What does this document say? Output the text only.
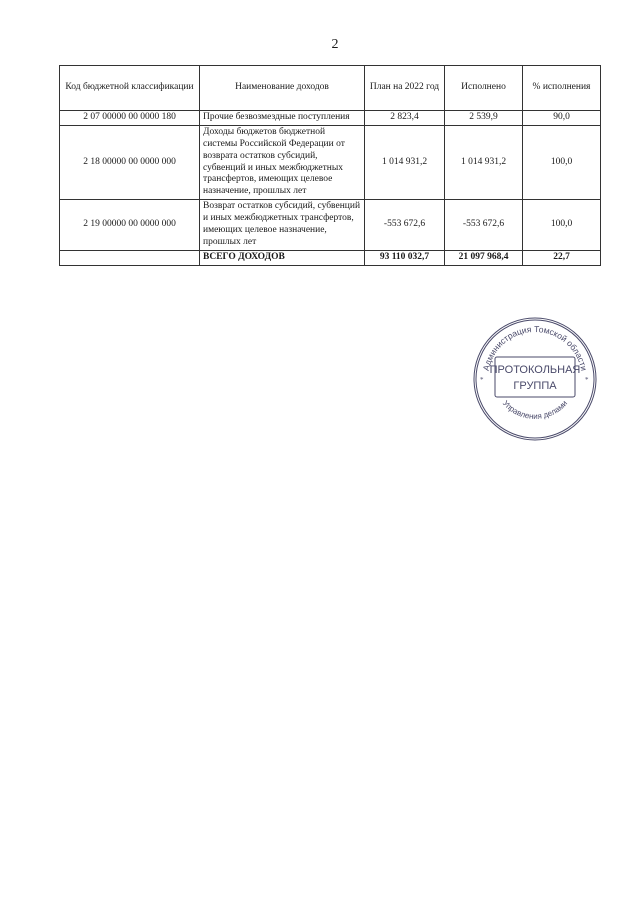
2
Код бюджетной классификации	Наименование доходов	План на 2022 год	Исполнено	% исполнения
2 07 00000 00 0000 180	Прочие безвозмездные поступления	2 823,4	2 539,9	90,0
2 18 00000 00 0000 000	Доходы бюджетов бюджетной системы Российской Федерации от возврата остатков субсидий, субвенций и иных межбюджетных трансфертов, имеющих целевое назначение, прошлых лет	1 014 931,2	1 014 931,2	100,0
2 19 00000 00 0000 000	Возврат остатков субсидий, субвенций и иных межбюджетных трансфертов, имеющих целевое назначение, прошлых лет	-553 672,6	-553 672,6	100,0
	ВСЕГО ДОХОДОВ	93 110 032,7	21 097 968,4	22,7
Администрация Томской области
ПРОТОКОЛЬНАЯ
ГРУППА
Управления делами
*	*
